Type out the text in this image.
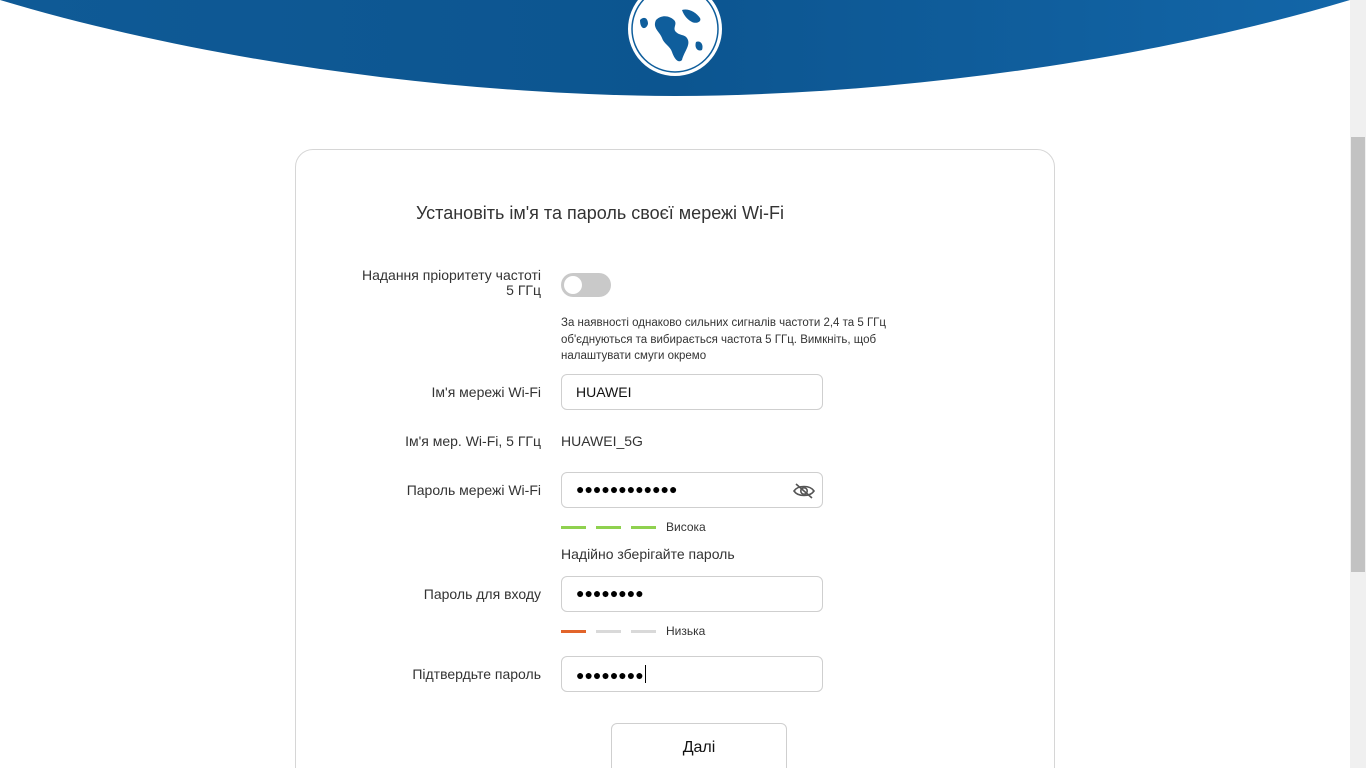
Установіть ім'я та пароль своєї мережі Wi-Fi
Надання пріоритету частоті
5 ГГц
За наявності однаково сильних сигналів частоти 2,4 та 5 ГГц об'єднуються та вибирається частота 5 ГГц. Вимкніть, щоб налаштувати смуги окремо
Ім'я мережі Wi-Fi	HUAWEI
Ім'я мер. Wi-Fi, 5 ГГц HUAWEI_5G
Пароль мережі Wi-Fi	●●●●●●●●●●●●
Висока
Надійно зберігайте пароль
Пароль для входу	●●●●●●●●
Низька
Підтвердьте пароль	●●●●●●●●
Далі
